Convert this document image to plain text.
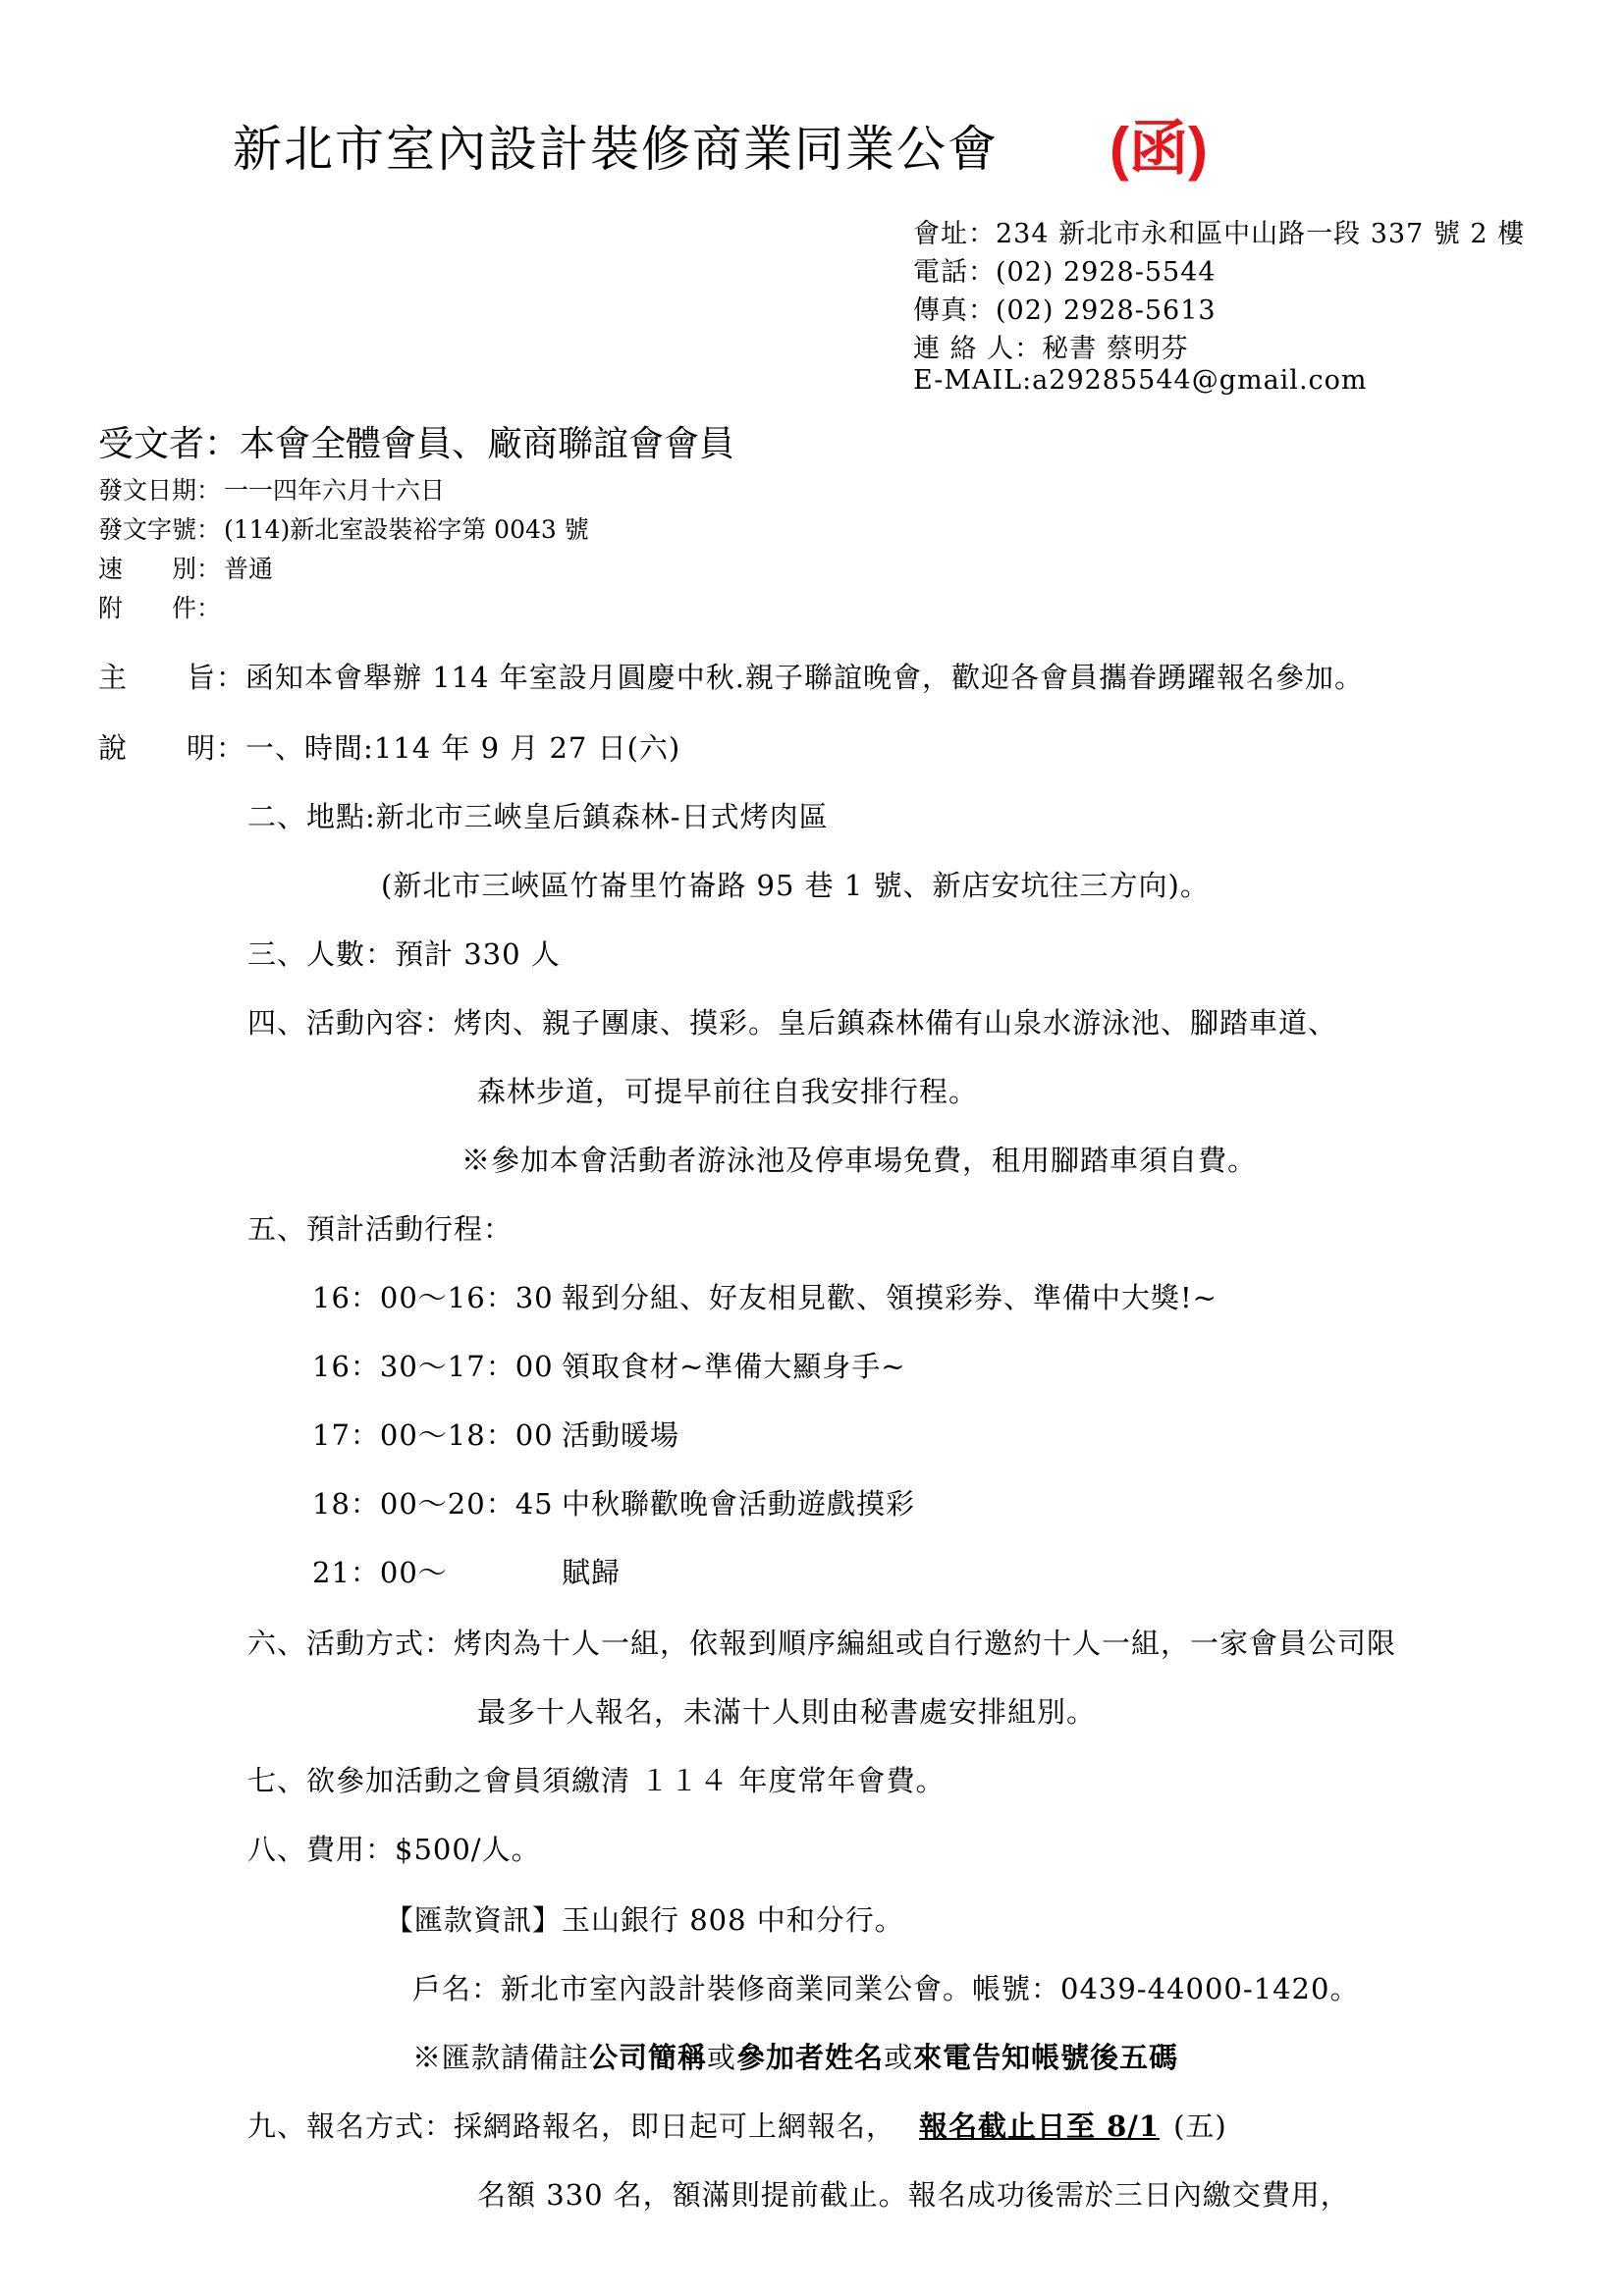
新北市室內設計裝修商業同業公會 (函)
會址：234 新北市永和區中山路一段 337 號 2 樓
電話：(02) 2928-5544
傳真：(02) 2928-5613
連 絡 人：秘書 蔡明芬
E-MAIL:a29285544@gmail.com
受文者：本會全體會員、廠商聯誼會會員
發文日期： 一一四年六月十六日
發文字號： (114)新北室設裝裕字第 0043 號
速　　別： 普通
附　　件：
主　　旨：函知本會舉辦 114 年室設月圓慶中秋.親子聯誼晚會，歡迎各會員攜眷踴躍報名參加。
說　　明：一、時間:114 年 9 月 27 日(六)
二、地點:新北市三峽皇后鎮森林-日式烤肉區
(新北市三峽區竹崙里竹崙路 95 巷 1 號、新店安坑往三方向)。
三、人數：預計 330 人
四、活動內容：烤肉、親子團康、摸彩。皇后鎮森林備有山泉水游泳池、腳踏車道、
森林步道，可提早前往自我安排行程。
※參加本會活動者游泳池及停車場免費，租用腳踏車須自費。
五、預計活動行程：
16：00～16：30 報到分組、好友相見歡、領摸彩券、準備中大獎!~
16：30～17：00 領取食材~準備大顯身手~
17：00～18：00 活動暖場
18：00～20：45 中秋聯歡晚會活動遊戲摸彩
21：00～	賦歸
六、活動方式：烤肉為十人一組，依報到順序編組或自行邀約十人一組，一家會員公司限
最多十人報名，未滿十人則由秘書處安排組別。
七、欲參加活動之會員須繳清 １１４ 年度常年會費。
八、費用：$500/人。
【匯款資訊】玉山銀行 808 中和分行。
戶名：新北市室內設計裝修商業同業公會。帳號：0439-44000-1420。
※匯款請備註公司簡稱或參加者姓名或來電告知帳號後五碼
九、報名方式：採網路報名，即日起可上網報名， 報名截止日至 8/1 (五)
名額 330 名，額滿則提前截止。報名成功後需於三日內繳交費用，
